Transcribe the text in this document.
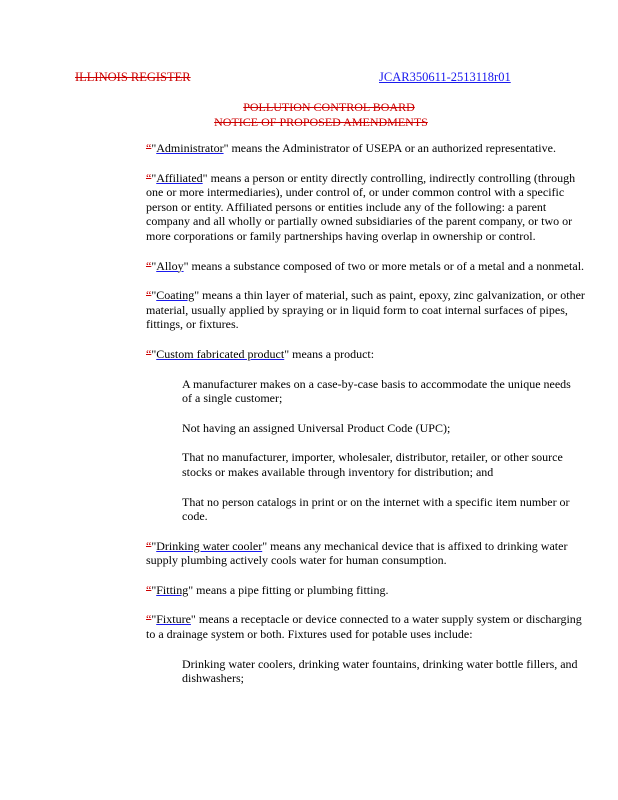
ILLINOIS REGISTER	JCAR350611-2513118r01
POLLUTION CONTROL BOARD
NOTICE OF PROPOSED AMENDMENTS

“"Administrator" means the Administrator of USEPA or an authorized representative.

“"Affiliated" means a person or entity directly controlling, indirectly controlling (through one or more intermediaries), under control of, or under common control with a specific person or entity. Affiliated persons or entities include any of the following: a parent company and all wholly or partially owned subsidiaries of the parent company, or two or more corporations or family partnerships having overlap in ownership or control.

“"Alloy" means a substance composed of two or more metals or of a metal and a nonmetal.

“"Coating" means a thin layer of material, such as paint, epoxy, zinc galvanization, or other material, usually applied by spraying or in liquid form to coat internal surfaces of pipes, fittings, or fixtures.

“"Custom fabricated product" means a product:

A manufacturer makes on a case-by-case basis to accommodate the unique needs of a single customer;

Not having an assigned Universal Product Code (UPC);

That no manufacturer, importer, wholesaler, distributor, retailer, or other source stocks or makes available through inventory for distribution; and

That no person catalogs in print or on the internet with a specific item number or code.

“"Drinking water cooler" means any mechanical device that is affixed to drinking water supply plumbing actively cools water for human consumption.

“"Fitting" means a pipe fitting or plumbing fitting.

“"Fixture" means a receptacle or device connected to a water supply system or discharging to a drainage system or both. Fixtures used for potable uses include:

Drinking water coolers, drinking water fountains, drinking water bottle fillers, and dishwashers;
